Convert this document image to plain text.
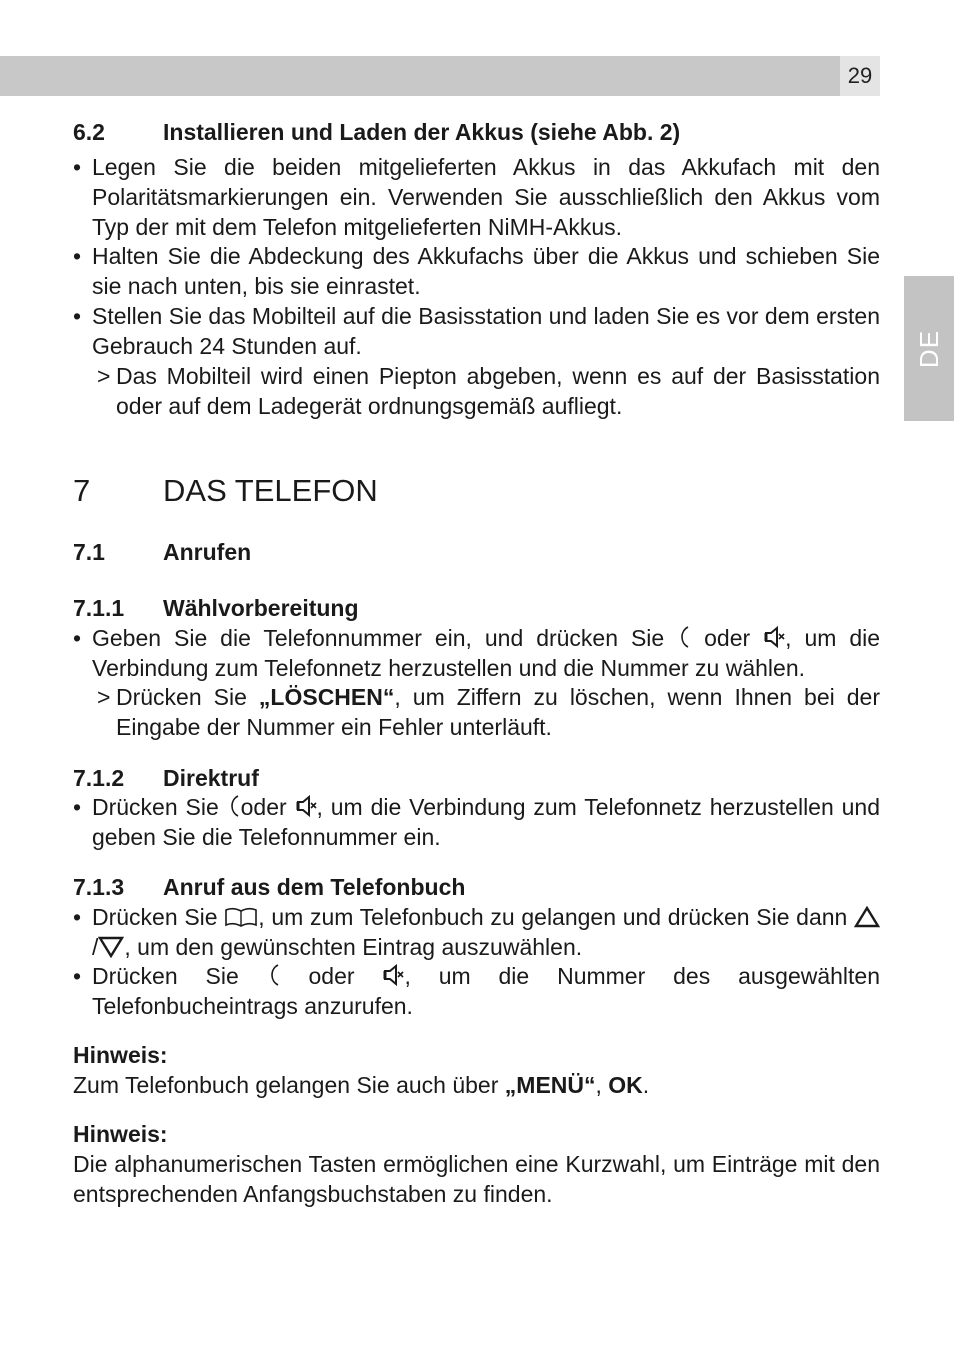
29
DE
6.2	Installieren und Laden der Akkus (siehe Abb. 2)
• Legen Sie die beiden mitgelieferten Akkus in das Akkufach mit den Polaritätsmarkierungen ein. Verwenden Sie ausschließlich den Akkus vom Typ der mit dem Telefon mitgelieferten NiMH-Akkus.
• Halten Sie die Abdeckung des Akkufachs über die Akkus und schieben Sie sie nach unten, bis sie einrastet.
• Stellen Sie das Mobilteil auf die Basisstation und laden Sie es vor dem ersten Gebrauch 24 Stunden auf.
> Das Mobilteil wird einen Piepton abgeben, wenn es auf der Basisstation oder auf dem Ladegerät ordnungsgemäß aufliegt.
7 DAS TELEFON
7.1	Anrufen
7.1.1 Wählvorbereitung
• Geben Sie die Telefonnummer ein, und drücken Sie oder , um die Verbindung zum Telefonnetz herzustellen und die Nummer zu wählen.
> Drücken Sie „LÖSCHEN“, um Ziffern zu löschen, wenn Ihnen bei der Eingabe der Nummer ein Fehler unterläuft.
7.1.2 Direktruf
• Drücken Sie oder , um die Verbindung zum Telefonnetz herzustellen und geben Sie die Telefonnummer ein.
7.1.3 Anruf aus dem Telefonbuch
• Drücken Sie , um zum Telefonbuch zu gelangen und drücken Sie dann / , um den gewünschten Eintrag auszuwählen.
• Drücken Sie	oder , um die Nummer des ausgewählten Telefonbucheintrags anzurufen.
Hinweis:
Zum Telefonbuch gelangen Sie auch über „MENÜ“, OK.
Hinweis:
Die alphanumerischen Tasten ermöglichen eine Kurzwahl, um Einträge mit den entsprechenden Anfangsbuchstaben zu finden.
